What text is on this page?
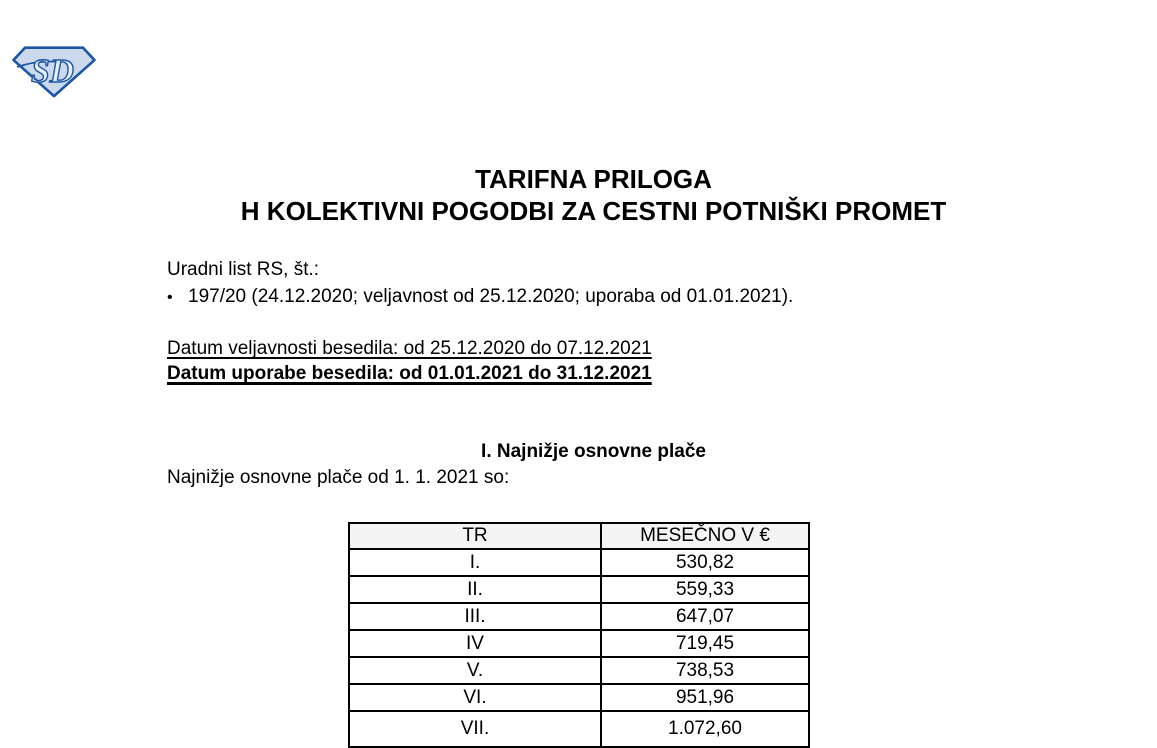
SD
TARIFNA PRILOGA
H KOLEKTIVNI POGODBI ZA CESTNI POTNIŠKI PROMET
Uradni list RS, št.:
• 197/20 (24.12.2020; veljavnost od 25.12.2020; uporaba od 01.01.2021).
Datum veljavnosti besedila: od 25.12.2020 do 07.12.2021
Datum uporabe besedila: od 01.01.2021 do 31.12.2021
I. Najnižje osnovne plače
Najnižje osnovne plače od 1. 1. 2021 so:
TR	MESEČNO V €
I.	530,82
II.	559,33
III.	647,07
IV	719,45
V.	738,53
VI.	951,96
VII.	1.072,60
